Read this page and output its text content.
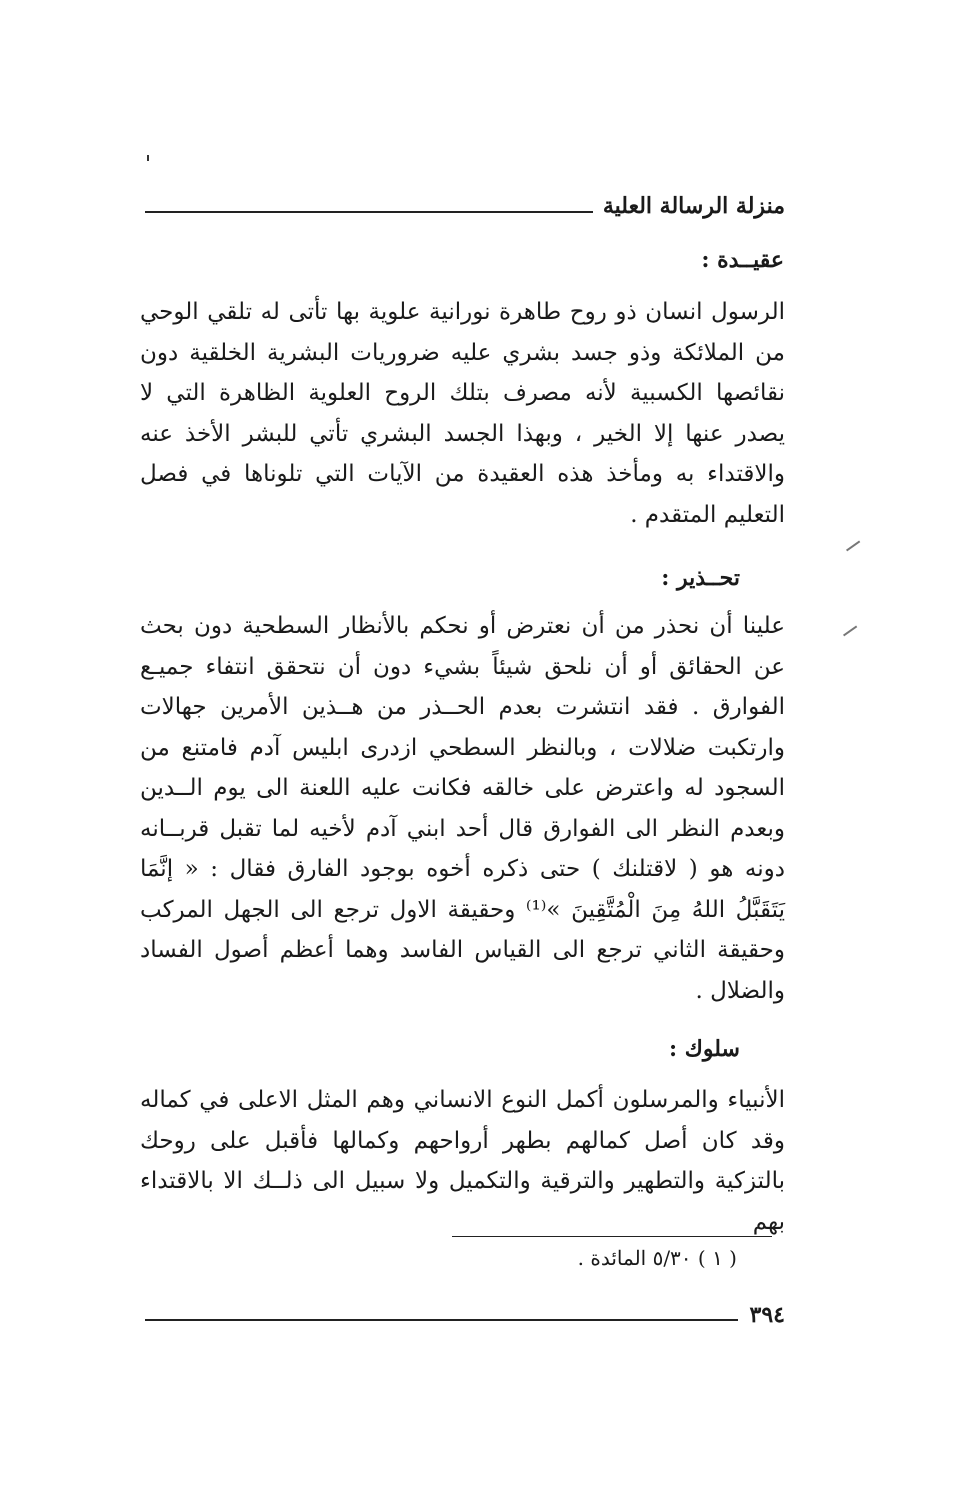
منزلة الرسالة العلية
عقيــدة :
الرسول انسان ذو روح طاهرة نورانية علوية بها تأتى له تلقي الوحي من الملائكة وذو جسد بشري عليه ضروريات البشرية الخلقية دون نقائصها الكسبية لأنه مصرف بتلك الروح العلوية الظاهرة التي لا يصدر عنها إلا الخير ، وبهذا الجسد البشري تأتي للبشر الأخذ عنه والاقتداء به ومأخذ هذه العقيدة من الآيات التي تلوناها في فصل التعليم المتقدم .
تحــذير :
علينا أن نحذر من أن نعترض أو نحكم بالأنظار السطحية دون بحث عن الحقائق أو أن نلحق شيئاً بشيء دون أن نتحقق انتفاء جميـع الفوارق . فقد انتشرت بعدم الحــذر من هــذين الأمرين جهالات وارتكبت ضلالات ، وبالنظر السطحي ازدرى ابليس آدم فامتنع من السجود له واعترض على خالقه فكانت عليه اللعنة الى يوم الــدين وبعدم النظر الى الفوارق قال أحد ابني آدم لأخيه لما تقبل قربــانه دونه هو ( لاقتلنك ) حتى ذكره أخوه بوجود الفارق فقال : « إنَّمَا يَتَقَبَّلُ اللهُ مِنَ الْمُتَّقِينَ »⁽¹⁾ وحقيقة الاول ترجع الى الجهل المركب وحقيقة الثاني ترجع الى القياس الفاسد وهما أعظم أصول الفساد والضلال .
سلوك :
الأنبياء والمرسلون أكمل النوع الانساني وهم المثل الاعلى في كماله وقد كان أصل كمالهم بطهر أرواحهم وكمالها فأقبل على روحك بالتزكية والتطهير والترقية والتكميل ولا سبيل الى ذلــك الا بالاقتداء بهم
( ١ ) ٥/٣٠ المائدة .
٣٩٤
